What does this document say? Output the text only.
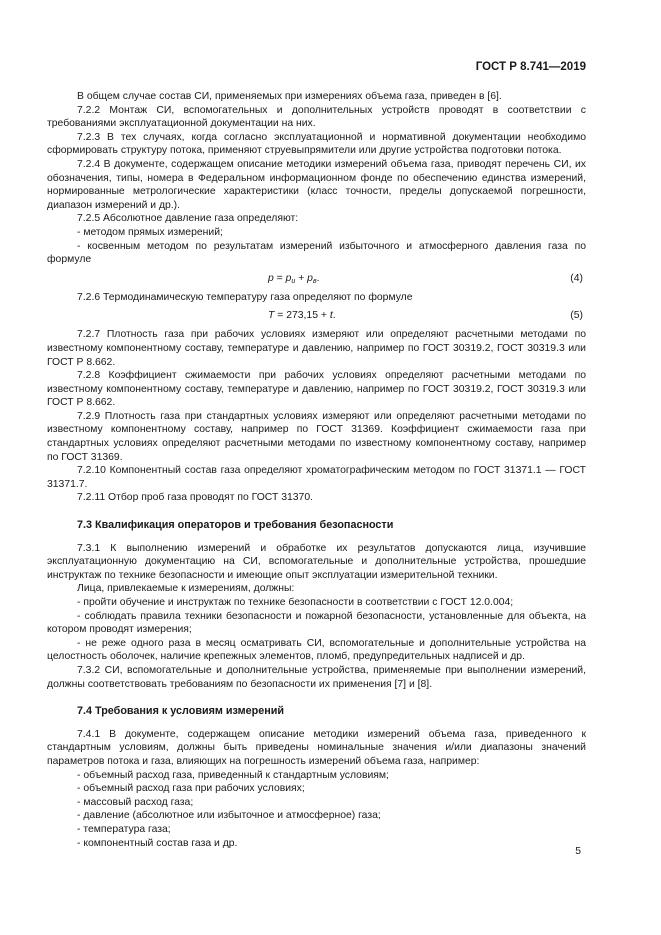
ГОСТ Р 8.741—2019

В общем случае состав СИ, применяемых при измерениях объема газа, приведен в [6].

7.2.2 Монтаж СИ, вспомогательных и дополнительных устройств проводят в соответствии с требованиями эксплуатационной документации на них.

7.2.3 В тех случаях, когда согласно эксплуатационной и нормативной документации необходимо сформировать структуру потока, применяют струевыпрямители или другие устройства подготовки потока.

7.2.4 В документе, содержащем описание методики измерений объема газа, приводят перечень СИ, их обозначения, типы, номера в Федеральном информационном фонде по обеспечению единства измерений, нормированные метрологические характеристики (класс точности, пределы допускаемой погрешности, диапазон измерений и др.).

7.2.5 Абсолютное давление газа определяют:

- методом прямых измерений;

- косвенным методом по результатам измерений избыточного и атмосферного давления газа по формуле

$p = p_и + p_в$.	(4)

7.2.6 Термодинамическую температуру газа определяют по формуле

T = 273,15 + t.	(5)

7.2.7 Плотность газа при рабочих условиях измеряют или определяют расчетными методами по известному компонентному составу, температуре и давлению, например по ГОСТ 30319.2, ГОСТ 30319.3 или ГОСТ Р 8.662.

7.2.8 Коэффициент сжимаемости при рабочих условиях определяют расчетными методами по известному компонентному составу, температуре и давлению, например по ГОСТ 30319.2, ГОСТ 30319.3 или ГОСТ Р 8.662.

7.2.9 Плотность газа при стандартных условиях измеряют или определяют расчетными методами по известному компонентному составу, например по ГОСТ 31369. Коэффициент сжимаемости газа при стандартных условиях определяют расчетными методами по известному компонентному составу, например по ГОСТ 31369.

7.2.10 Компонентный состав газа определяют хроматографическим методом по ГОСТ 31371.1 — ГОСТ 31371.7.

7.2.11 Отбор проб газа проводят по ГОСТ 31370.

7.3 Квалификация операторов и требования безопасности

7.3.1 К выполнению измерений и обработке их результатов допускаются лица, изучившие эксплуатационную документацию на СИ, вспомогательные и дополнительные устройства, прошедшие инструктаж по технике безопасности и имеющие опыт эксплуатации измерительной техники.

Лица, привлекаемые к измерениям, должны:

- пройти обучение и инструктаж по технике безопасности в соответствии с ГОСТ 12.0.004;

- соблюдать правила техники безопасности и пожарной безопасности, установленные для объекта, на котором проводят измерения;

- не реже одного раза в месяц осматривать СИ, вспомогательные и дополнительные устройства на целостность оболочек, наличие крепежных элементов, пломб, предупредительных надписей и др.

7.3.2 СИ, вспомогательные и дополнительные устройства, применяемые при выполнении измерений, должны соответствовать требованиям по безопасности их применения [7] и [8].

7.4 Требования к условиям измерений

7.4.1 В документе, содержащем описание методики измерений объема газа, приведенного к стандартным условиям, должны быть приведены номинальные значения и/или диапазоны значений параметров потока и газа, влияющих на погрешность измерений объема газа, например:

- объемный расход газа, приведенный к стандартным условиям;

- объемный расход газа при рабочих условиях;

- массовый расход газа;

- давление (абсолютное или избыточное и атмосферное) газа;

- температура газа;

- компонентный состав газа и др.

5
